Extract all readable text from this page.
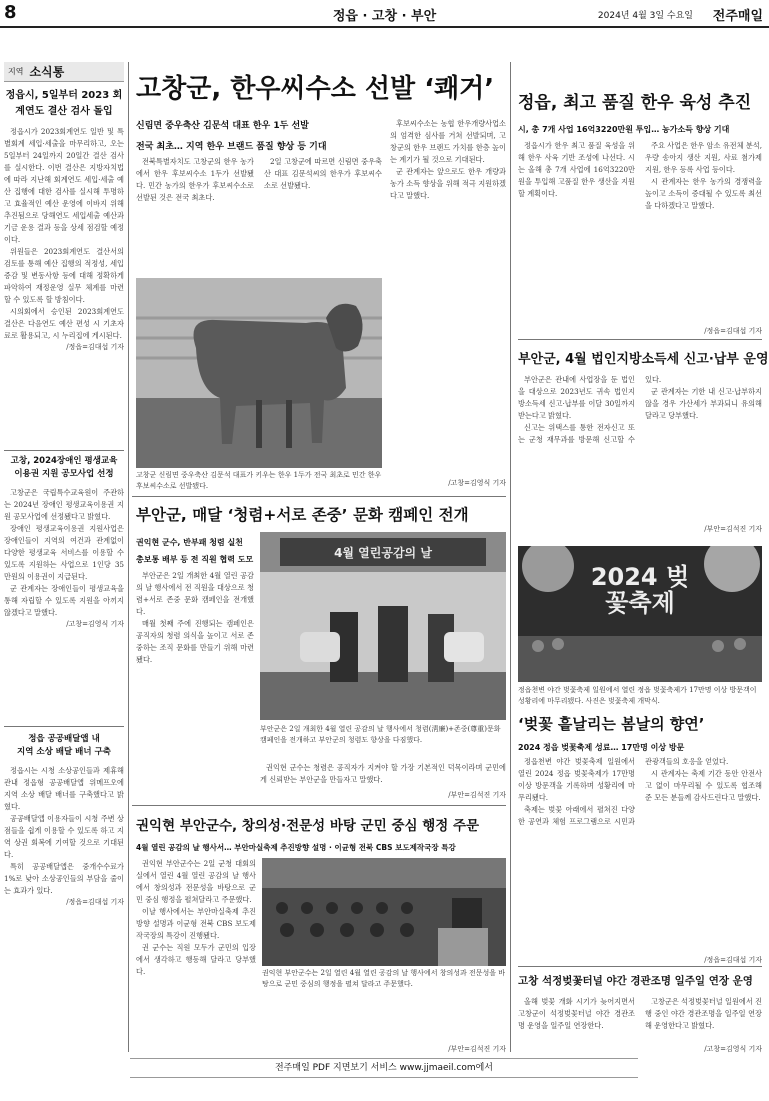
8	정읍 · 고창 · 부안	2024년 4월 3일 수요일 전주매일
지역 소식통
정읍시, 5일부터 2023 회계연도 결산 검사 돌입

정읍시가 2023회계연도 일반 및 특별회계 세입·세출을 마무리하고, 오는 5일부터 24일까지 20일간 결산 검사를 실시한다. 이번 결산은 지방자치법에 따라 지난해 회계연도 세입·세출 예산 집행에 대한 검사를 실시해 투명하고 효율적인 예산 운영에 이바지 위해 추진됨으로 당해연도 세입세출 예산과 기금 운용 결과 등을 상세 점검할 예정이다.

위원들은 2023회계연도 결산서의 검토를 통해 예산 집행의 적정성, 세입증감 및 변동사항 등에 대해 정확하게 파악하여 재정운영 실무 체계를 마련할 수 있도록 할 방침이다.

시의회에서 승인된 2023회계연도 결산은 다음연도 예산 편성 시 기초자료로 활용되고, 시 누리집에 게시된다.

/정읍=김대섭 기자
고창, 2024장애인 평생교육
이용권 지원 공모사업 선정

고창군은 국립특수교육원이 주관하는 2024년 장애인 평생교육이용권 지원 공모사업에 선정됐다고 밝혔다.

장애인 평생교육이용권 지원사업은 장애인들이 지역의 여건과 관계없이 다양한 평생교육 서비스를 이용할 수 있도록 지원하는 사업으로 1인당 35만원의 이용권이 지급된다.

군 관계자는 장애인들이 평생교육을 통해 자립할 수 있도록 지원을 아끼지 않겠다고 말했다.

/고창=김영식 기자
정읍 공공배달앱 내
지역 소상 배달 배너 구축

정읍시는 시청 소상공인들과 제휴해 관내 정읍형 공공배달앱 위메프오에 지역 소상 배달 배너를 구축했다고 밝혔다.

공공배달앱 이용자들이 시청 주변 상점들을 쉽게 이용할 수 있도록 하고 지역 상권 회복에 기여할 것으로 기대된다.

특히 공공배달앱은 중개수수료가 1%로 낮아 소상공인들의 부담을 줄이는 효과가 있다.

/정읍=김대섭 기자
고창군, 한우씨수소 선발 ‘쾌거’
신림면 중우축산 김문석 대표 한우 1두 선발
전국 최초… 지역 한우 브랜드 품질 향상 등 기대

전북특별자치도 고창군의 한우 농가에서 한우 후보씨수소 1두가 선발됐다. 민간 농가의 한우가 후보씨수소로 선발된 것은 전국 최초다.

2일 고창군에 따르면 신림면 중우축산 대표 김문석씨의 한우가 후보씨수소로 선발됐다.

고창군 신림면 중우축산 김문석 대표가 키우는 한우 1두가 전국 최초로 민간 한우 후보씨수소로 선발됐다.

후보씨수소는 농협 한우개량사업소의 엄격한 심사를 거쳐 선발되며, 고창군의 한우 브랜드 가치를 한층 높이는 계기가 될 것으로 기대된다.

군 관계자는 앞으로도 한우 개량과 농가 소득 향상을 위해 적극 지원하겠다고 말했다.

/고창=김영식 기자
정읍, 최고 품질 한우 육성 추진
시, 총 7개 사업 16억3220만원 투입… 농가소득 향상 기대

정읍시가 한우 최고 품질 육성을 위해 한우 사육 기반 조성에 나선다. 시는 올해 총 7개 사업에 16억3220만원을 투입해 고품질 한우 생산을 지원할 계획이다.

주요 사업은 한우 암소 유전체 분석, 우량 송아지 생산 지원, 사료 첨가제 지원, 한우 등록 사업 등이다.

시 관계자는 한우 농가의 경쟁력을 높이고 소득이 증대될 수 있도록 최선을 다하겠다고 말했다.

/정읍=김대섭 기자
부안군, 4월 법인지방소득세 신고·납부 운영

부안군은 관내에 사업장을 둔 법인을 대상으로 2023년도 귀속 법인지방소득세 신고·납부를 이달 30일까지 받는다고 밝혔다.

신고는 위택스를 통한 전자신고 또는 군청 재무과를 방문해 신고할 수 있다.

군 관계자는 기한 내 신고·납부하지 않을 경우 가산세가 부과되니 유의해 달라고 당부했다.

/부안=김석진 기자
2024 벚꽃축제
정읍천변 야간 벚꽃축제 일원에서 열린 정읍 벚꽃축제가 17만명 이상 방문객이 성황리에 마무리됐다. 사진은 벚꽃축제 개막식.
‘벚꽃 흩날리는 봄날의 향연’
2024 정읍 벚꽃축제 성료… 17만명 이상 방문

정읍천변 야간 벚꽃축제 일원에서 열린 2024 정읍 벚꽃축제가 17만명 이상 방문객을 기록하며 성황리에 마무리됐다.

축제는 벚꽃 아래에서 펼쳐진 다양한 공연과 체험 프로그램으로 시민과 관광객들의 호응을 얻었다.

시 관계자는 축제 기간 동안 안전사고 없이 마무리될 수 있도록 협조해 준 모든 분들께 감사드린다고 말했다.

/정읍=김대섭 기자
부안군, 매달 ‘청렴+서로 존중’ 문화 캠페인 전개
권익현 군수, 반부패 청렴 실천
총보통 배부 등 전 직원 협력 도모

부안군은 2일 개최한 4월 열린 공감의 날 행사에서 전 직원을 대상으로 청렴+서로 존중 문화 캠페인을 전개했다.

매월 첫째 주에 진행되는 캠페인은 공직자의 청렴 의식을 높이고 서로 존중하는 조직 문화를 만들기 위해 마련됐다.

4월 열린공감의 날
부안군은 2일 개최한 4월 열린 공감의 날 행사에서 청렴(淸廉)+존중(尊重)문화 캠페인을 전개하고 부안군의 청렴도 향상을 다짐했다.

권익현 군수는 청렴은 공직자가 지켜야 할 가장 기본적인 덕목이라며 군민에게 신뢰받는 부안군을 만들자고 말했다.

/부안=김석진 기자
권익현 부안군수, 창의성·전문성 바탕 군민 중심 행정 주문
4월 열린 공감의 날 행사서… 부안마실축제 추진방향 설명 · 이균형 전북 CBS 보도제작국장 특강

권익현 부안군수는 2일 군청 대회의실에서 열린 4월 열린 공감의 날 행사에서 창의성과 전문성을 바탕으로 군민 중심 행정을 펼쳐달라고 주문했다.

이날 행사에서는 부안마실축제 추진방향 설명과 이균형 전북 CBS 보도제작국장의 특강이 진행됐다.

권 군수는 직원 모두가 군민의 입장에서 생각하고 행동해 달라고 당부했다.	권익현 부안군수는 2일 열린 4월 열린 공감의 날 행사에서 창의성과 전문성을 바탕으로 군민 중심의 행정을 펼쳐 달라고 주문했다.
/부안=김석진 기자
고창 석정벚꽃터널 야간 경관조명 일주일 연장 운영

올해 벚꽃 개화 시기가 늦어지면서 고창군이 석정벚꽃터널 야간 경관조명 운영을 일주일 연장한다.

고창군은 석정벚꽃터널 일원에서 진행 중인 야간 경관조명을 일주일 연장해 운영한다고 밝혔다.

/고창=김영식 기자
전주매일 PDF 지면보기 서비스 www.jjmaeil.com에서
